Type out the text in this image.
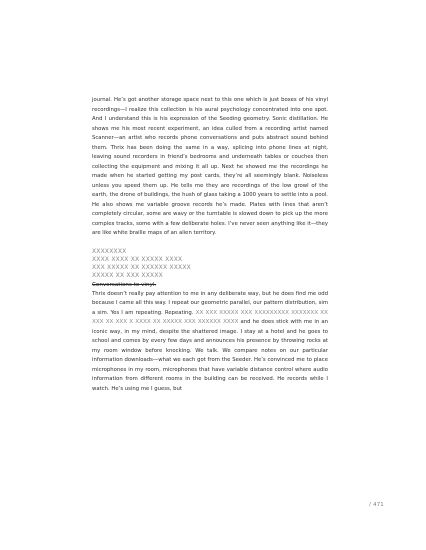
journal. He’s got another storage space next to this one which is just boxes of his vinyl recordings—I realize this collection is his aural psychology concentrated into one spot. And I understand this is his expression of the Seeding geometry. Sonic distillation. He shows me his most recent experiment, an idea culled from a recording artist named Scanner—an artist who records phone conversations and puts abstract sound behind them. Thrix has been doing the same in a way, splicing into phone lines at night, leaving sound recorders in friend’s bedrooms and underneath tables or couches then collecting the equipment and mixing it all up. Next he showed me the recordings he made when he started getting my post cards, they’re all seemingly blank. Noiseless unless you speed them up. He tells me they are recordings of the low growl of the earth, the drone of buildings, the hush of glass taking a 1000 years to settle into a pool. He also shows me variable groove records he’s made. Plates with lines that aren’t completely circular, some are wavy or the turntable is slowed down to pick up the more complex tracks, some with a few deliberate holes. I’ve never seen anything like it—they are like white braille maps of an alien territory.

XXXXXXXX
XXXX XXXX XX XXXXX XXXX
XXX XXXXX XX XXXXXX XXXXX
XXXXX XX XXX XXXXX
Conversations to vinyl.

Thrix doesn’t really pay attention to me in any deliberate way, but he does find me odd because I came all this way. I repeat our geometric parallel, our pattern distribution, sim a sim. Yes I am repeating. Repeating. XX XXX XXXXX XXX XXXXXXXXX XXXXXXX XX XXX XX XXX X XXXX XX XXXXX XXX XXXXXX XXXX and he does stick with me in an iconic way, in my mind, despite the shattered image. I stay at a hotel and he goes to school and comes by every few days and announces his presence by throwing rocks at my room window before knocking. We talk. We compare notes on our particular information downloads—what we each got from the Seeder. He’s convinced me to place microphones in my room, microphones that have variable distance control where audio information from different rooms in the building can be received. He records while I watch. He’s using me I guess, but

/ 471
